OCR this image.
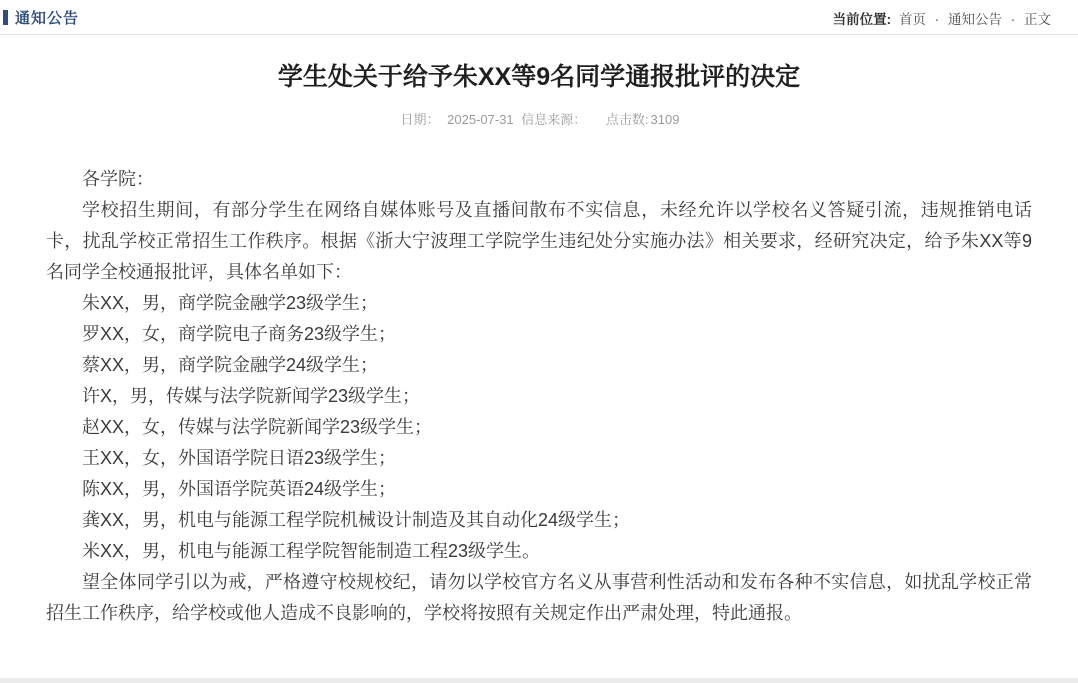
通知公告	当前位置: 首页 · 通知公告 · 正文
学生处关于给予朱XX等9名同学通报批评的决定
日期： 2025-07-31 信息来源： 点击数: 3109

各学院：

学校招生期间，有部分学生在网络自媒体账号及直播间散布不实信息，未经允许以学校名义答疑引流，违规推销电话卡，扰乱学校正常招生工作秩序。根据《浙大宁波理工学院学生违纪处分实施办法》相关要求，经研究决定，给予朱XX等9名同学全校通报批评，具体名单如下：

朱XX，男，商学院金融学23级学生；

罗XX，女，商学院电子商务23级学生；

蔡XX，男，商学院金融学24级学生；

许X，男，传媒与法学院新闻学23级学生；

赵XX，女，传媒与法学院新闻学23级学生；

王XX，女，外国语学院日语23级学生；

陈XX，男，外国语学院英语24级学生；

龚XX，男，机电与能源工程学院机械设计制造及其自动化24级学生；

米XX，男，机电与能源工程学院智能制造工程23级学生。

望全体同学引以为戒，严格遵守校规校纪，请勿以学校官方名义从事营利性活动和发布各种不实信息，如扰乱学校正常招生工作秩序，给学校或他人造成不良影响的，学校将按照有关规定作出严肃处理，特此通报。
